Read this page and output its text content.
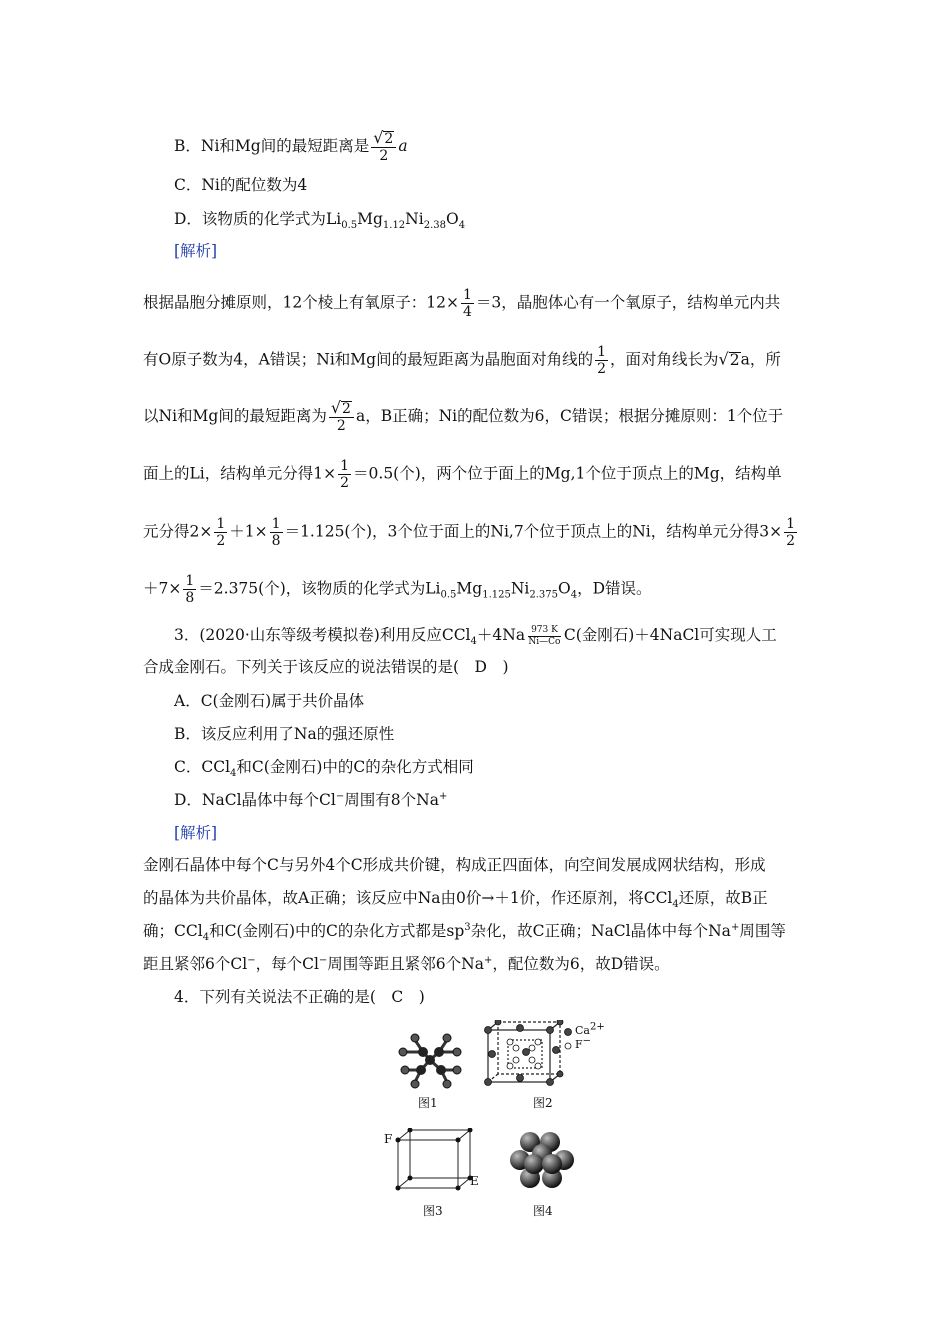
B．Ni和Mg间的最短距离是 $\frac{√2}{2}$ a
C．Ni的配位数为4
D．该物质的化学式为$Li_{0.5}Mg_{1.12}Ni_{2.38}O_4$
[解析]
根据晶胞分摊原则，12个棱上有氧原子：$12\times \frac{1}{4} =3$，晶胞体心有一个氧原子，结构单元内共
有O原子数为4，A错误；Ni和Mg间的最短距离为晶胞面对角线的 $\frac{1}{2}$ ，面对角线长为√2a，所
以Ni和Mg间的最短距离为 $\frac{√2}{2}$ a，B正确；Ni的配位数为6，C错误；根据分摊原则：1个位于
面上的Li，结构单元分得$1\times \frac{1}{2} =0.5$(个)，两个位于面上的Mg,1个位于顶点上的Mg，结构单
元分得$2\times \frac{1}{2} +1\times \frac{1}{8} =1.125$(个)，3个位于面上的Ni,7个位于顶点上的Ni，结构单元分得$3\times \frac{1}{2}$
$+7\times \frac{1}{8} =2.375$(个)，该物质的化学式为$Li_{0.5}Mg_{1.125}Ni_{2.375}O_4$，D错误。
3．(2020·山东等级考模拟卷)利用反应$CCl_4+4Na \frac{973 K}{Ni—Co} C$(金刚石)＋4NaCl可实现人工
合成金刚石。下列关于该反应的说法错误的是(　D　)
A．C(金刚石)属于共价晶体
B．该反应利用了Na的强还原性
C．CCl$_4$和C(金刚石)中的C的杂化方式相同
D．NaCl晶体中每个Cl−周围有8个Na+
[解析]
金刚石晶体中每个C与另外4个C形成共价键，构成正四面体，向空间发展成网状结构，形成
的晶体为共价晶体，故A正确；该反应中Na由0价→＋1价，作还原剂，将CCl$_4$还原，故B正
确；CCl$_4$和C(金刚石)中的C的杂化方式都是$sp^3$杂化，故C正确；NaCl晶体中每个Na+周围等
距且紧邻6个Cl−，每个Cl−周围等距且紧邻6个Na+，配位数为6，故D错误。
4．下列有关说法不正确的是(　C　)
图1
$Ca^{2+}$
F−
图2
F
E
图3	图4
